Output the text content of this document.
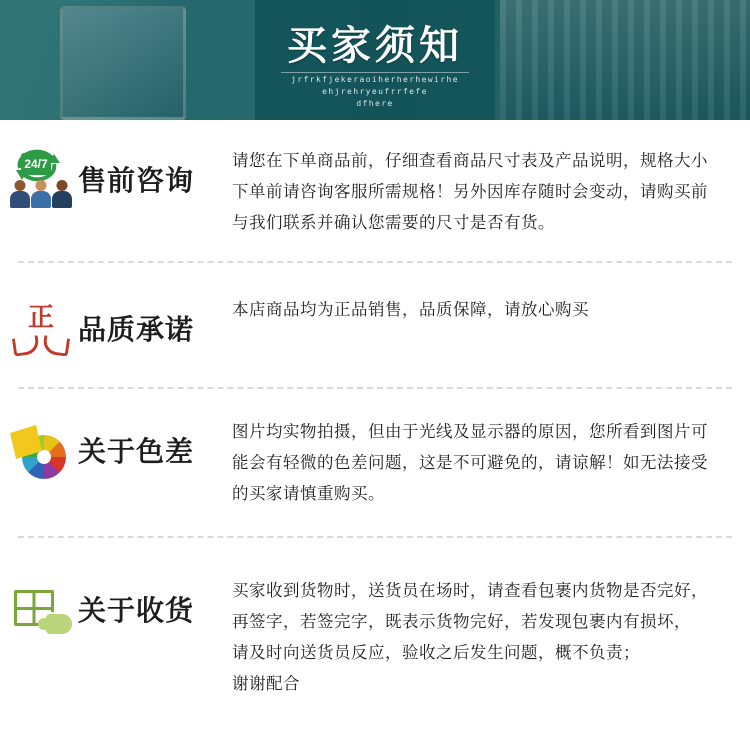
买家须知
jrfrkfjekeraoiherherhewirhe
ehjrehryeufrrfefe
dfhere
24/7 售前咨询

请您在下单商品前，仔细查看商品尺寸表及产品说明，规格大小

下单前请咨询客服所需规格！另外因库存随时会变动，请购买前

与我们联系并确认您需要的尺寸是否有货。

正 品质承诺

本店商品均为正品销售，品质保障，请放心购买

关于色差

图片均实物拍摄，但由于光线及显示器的原因，您所看到图片可

能会有轻微的色差问题，这是不可避免的，请谅解！如无法接受

的买家请慎重购买。

关于收货

买家收到货物时，送货员在场时，请查看包裹内货物是否完好，

再签字，若签完字，既表示货物完好，若发现包裹内有损坏，

请及时向送货员反应，验收之后发生问题，概不负责；

谢谢配合
